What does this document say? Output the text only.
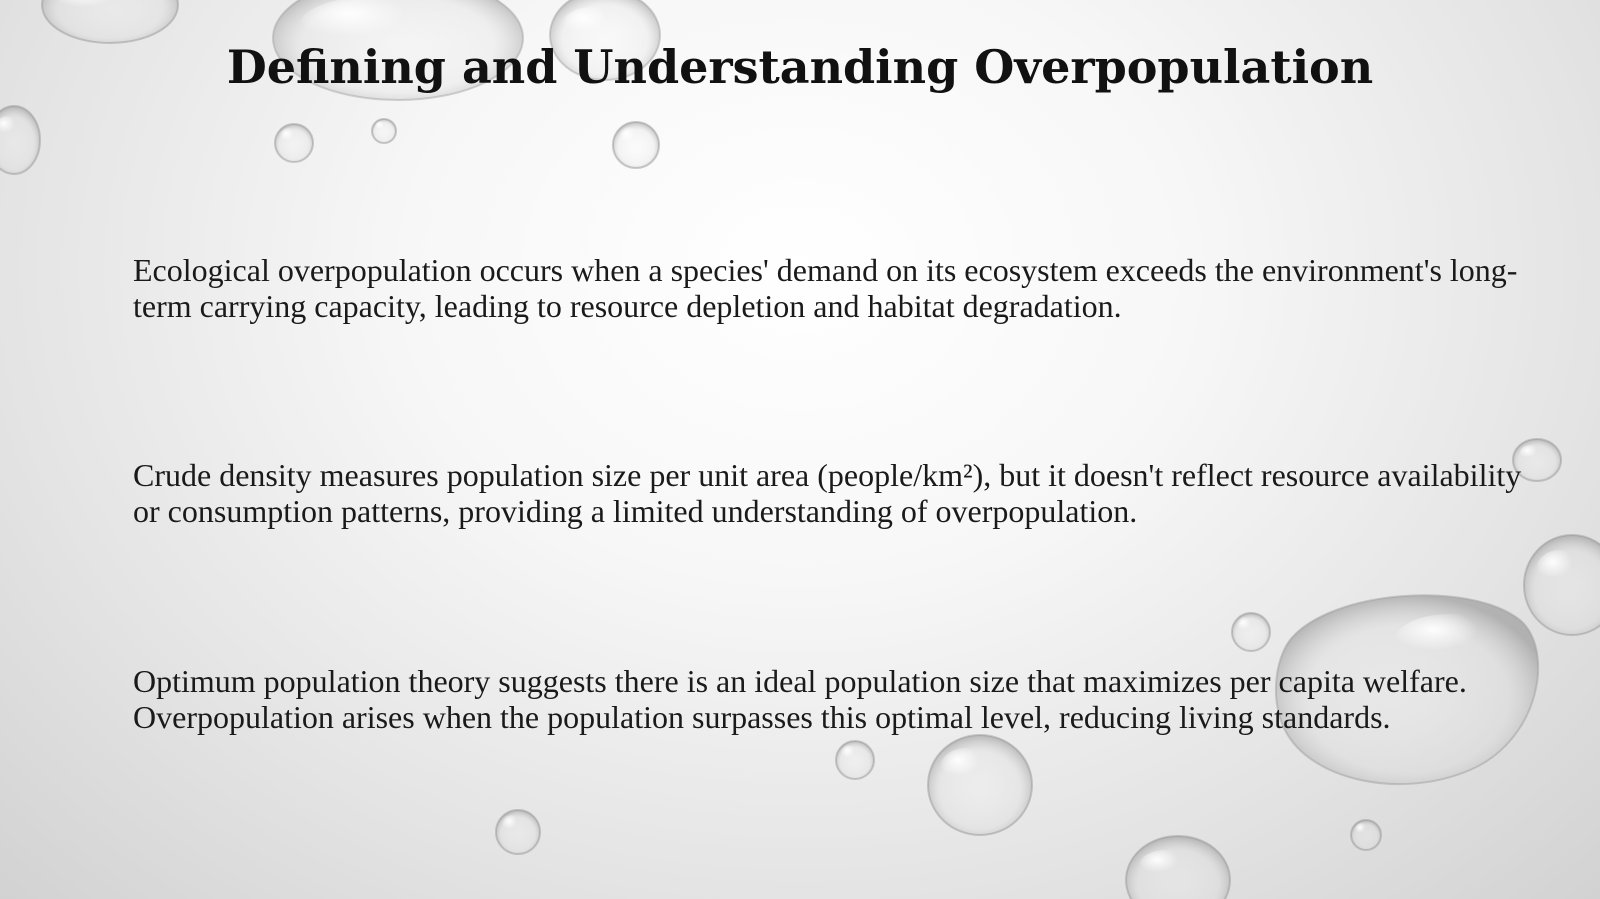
Defining and Understanding Overpopulation

Ecological overpopulation occurs when a species' demand on its ecosystem exceeds the environment's long-term carrying capacity, leading to resource depletion and habitat degradation.

Crude density measures population size per unit area (people/km²), but it doesn't reflect resource availability or consumption patterns, providing a limited understanding of overpopulation.

Optimum population theory suggests there is an ideal population size that maximizes per capita welfare. Overpopulation arises when the population surpasses this optimal level, reducing living standards.
